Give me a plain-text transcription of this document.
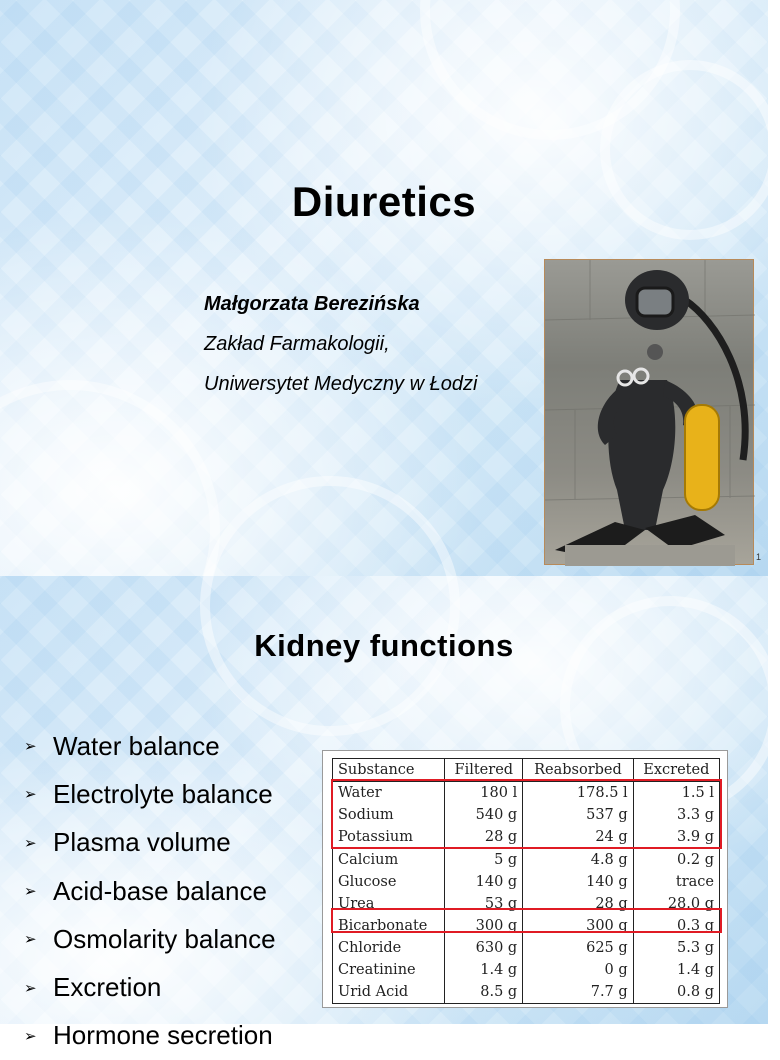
Diuretics
Małgorzata Berezińska
Zakład Farmakologii,
Uniwersytet Medyczny w Łodzi
1
Kidney functions
➢ Water balance
➢ Electrolyte balance
➢ Plasma volume
➢ Acid-base balance
➢ Osmolarity balance
➢ Excretion
➢ Hormone secretion
Substance	Filtered	Reabsorbed	Excreted
Water	180 l	178.5 l	1.5 l
Sodium	540 g	537 g	3.3 g
Potassium	28 g	24 g	3.9 g
Calcium	5 g	4.8 g	0.2 g
Glucose	140 g	140 g	trace
Urea	53 g	28 g	28.0 g
Bicarbonate	300 g	300 g	0.3 g
Chloride	630 g	625 g	5.3 g
Creatinine	1.4 g	0 g	1.4 g
Urid Acid	8.5 g	7.7 g	0.8 g
